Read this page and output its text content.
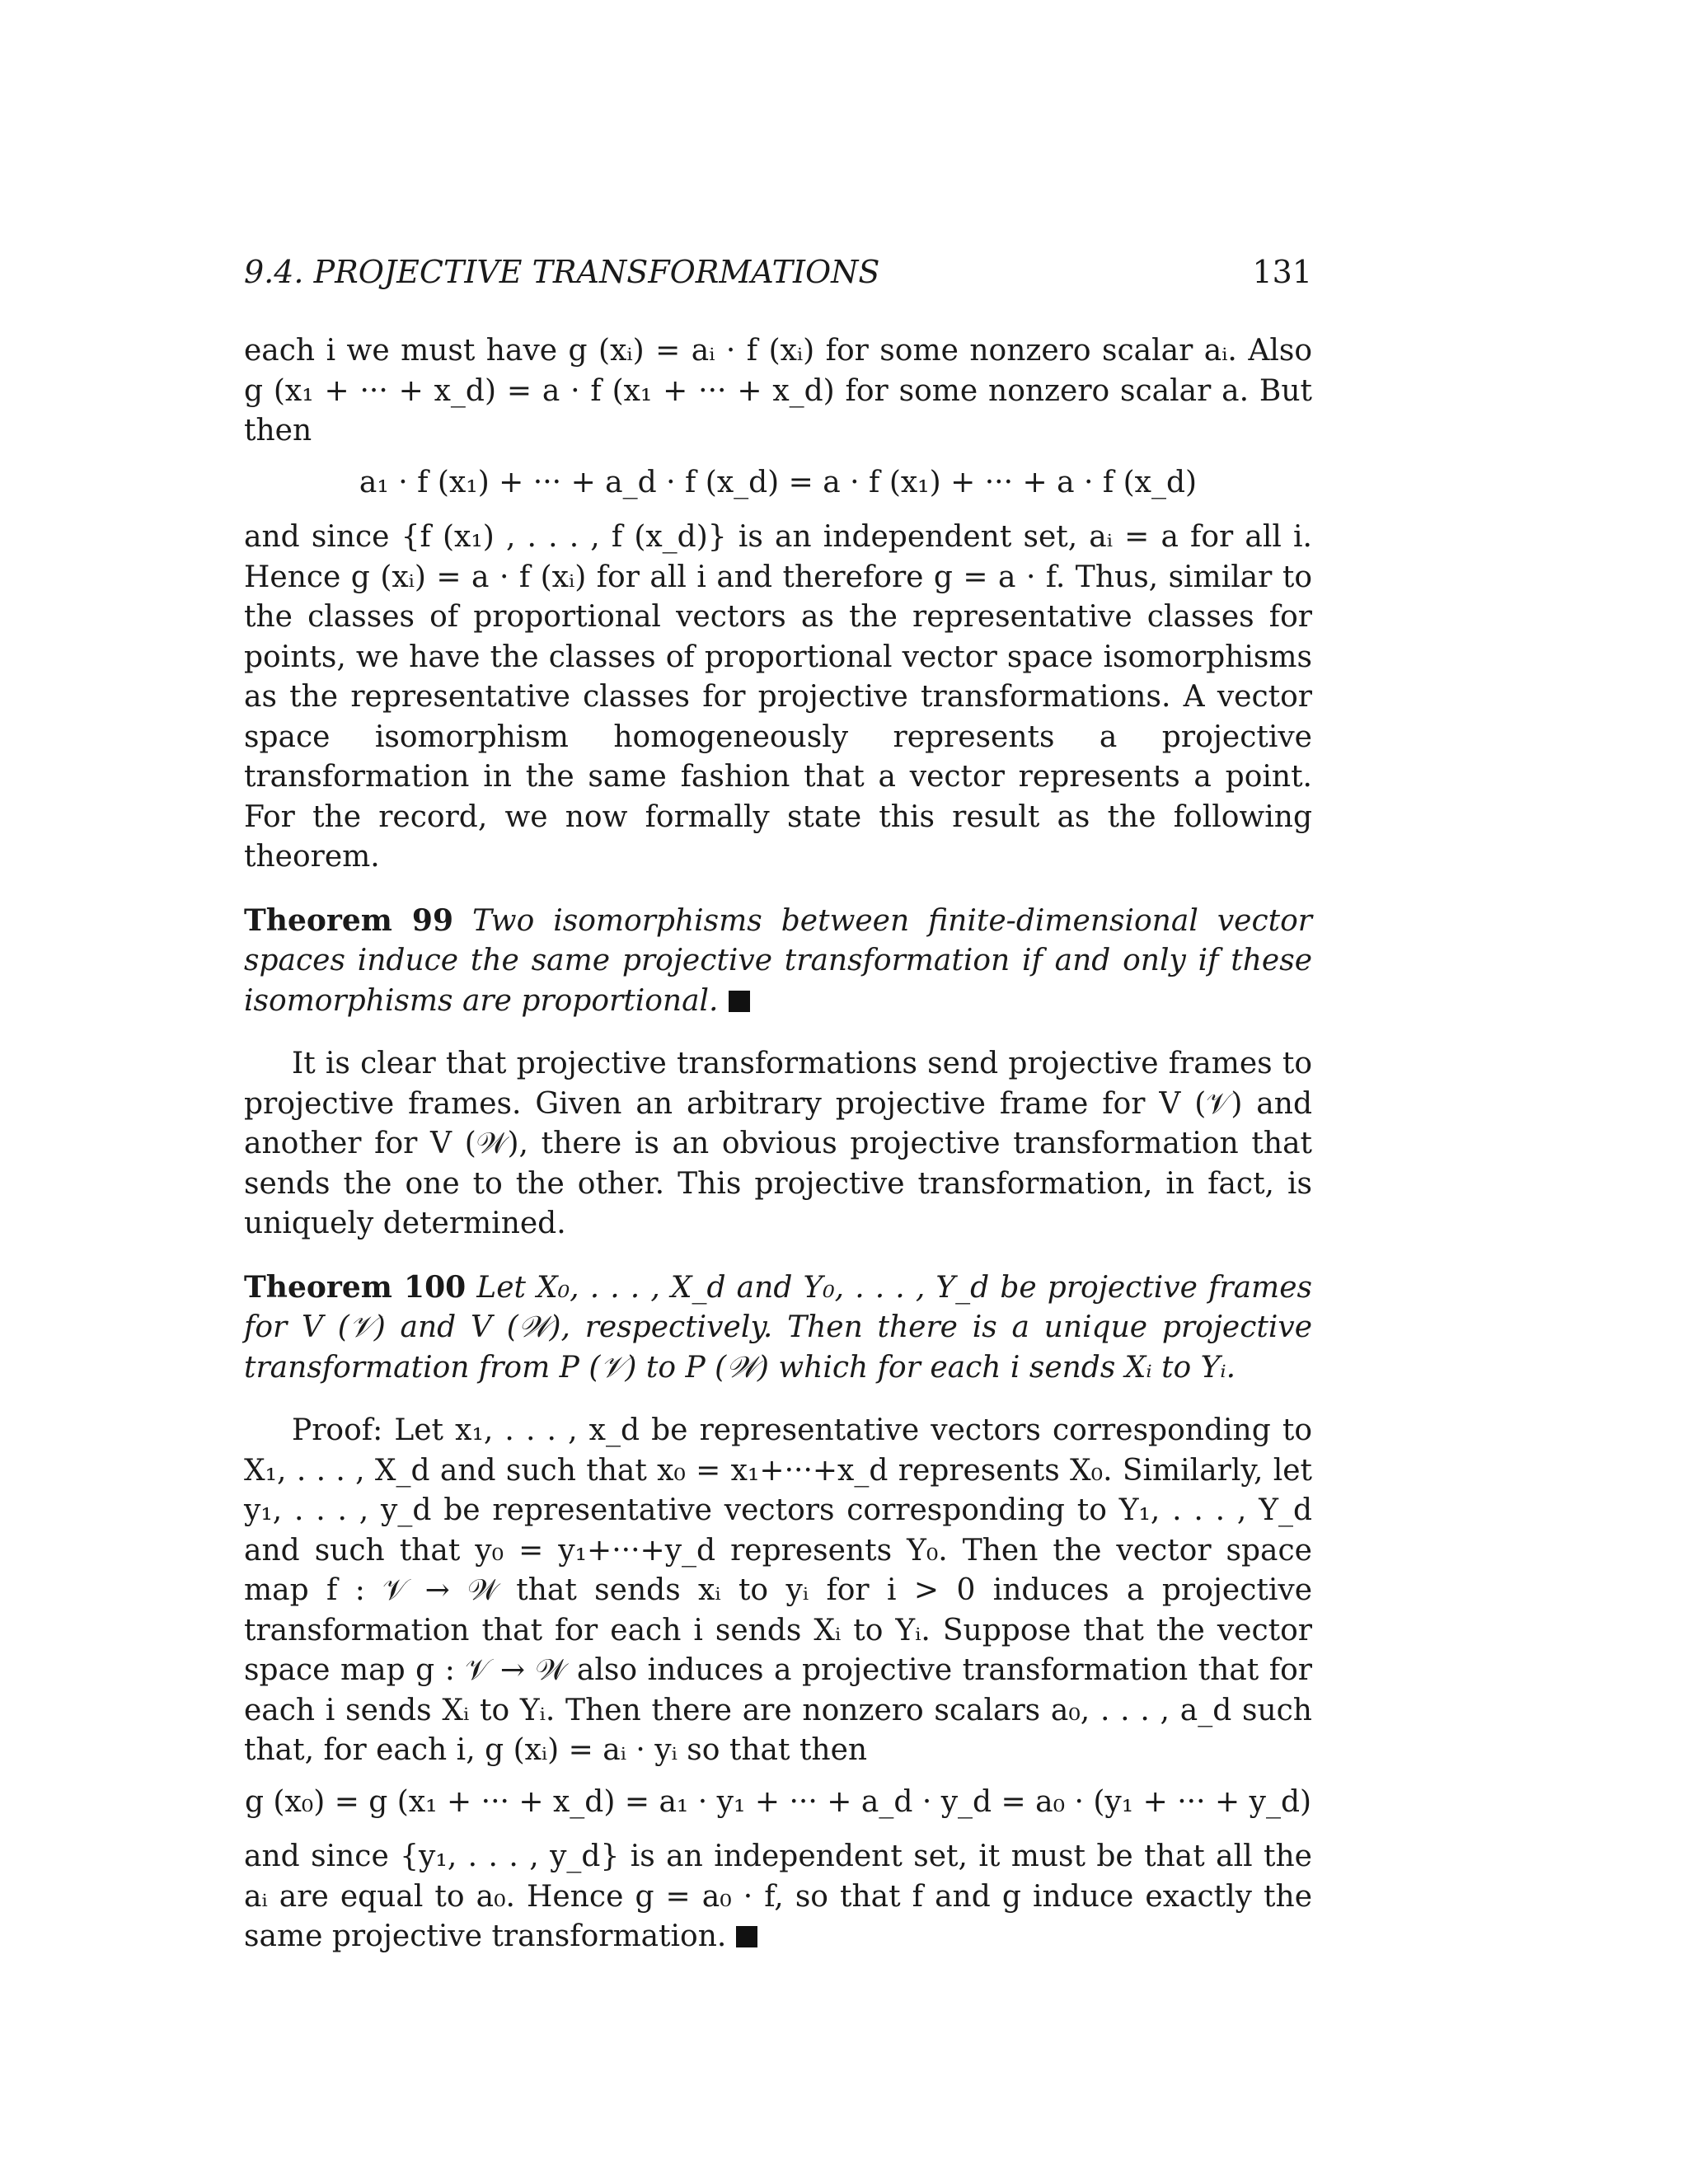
9.4. PROJECTIVE TRANSFORMATIONS	131

each i we must have g (xᵢ) = aᵢ · f (xᵢ) for some nonzero scalar aᵢ. Also g (x₁ + ··· + x_d) = a · f (x₁ + ··· + x_d) for some nonzero scalar a. But then

a₁ · f (x₁) + ··· + a_d · f (x_d) = a · f (x₁) + ··· + a · f (x_d)

and since {f (x₁) , . . . , f (x_d)} is an independent set, aᵢ = a for all i. Hence g (xᵢ) = a · f (xᵢ) for all i and therefore g = a · f. Thus, similar to the classes of proportional vectors as the representative classes for points, we have the classes of proportional vector space isomorphisms as the representative classes for projective transformations. A vector space isomorphism homogeneously represents a projective transformation in the same fashion that a vector represents a point. For the record, we now formally state this result as the following theorem.

Theorem 99 Two isomorphisms between finite-dimensional vector spaces induce the same projective transformation if and only if these isomorphisms are proportional.

It is clear that projective transformations send projective frames to projective frames. Given an arbitrary projective frame for V (𝒱) and another for V (𝒲), there is an obvious projective transformation that sends the one to the other. This projective transformation, in fact, is uniquely determined.

Theorem 100 Let X₀, . . . , X_d and Y₀, . . . , Y_d be projective frames for V (𝒱) and V (𝒲), respectively. Then there is a unique projective transformation from P (𝒱) to P (𝒲) which for each i sends Xᵢ to Yᵢ.

Proof: Let x₁, . . . , x_d be representative vectors corresponding to X₁, . . . , X_d and such that x₀ = x₁+···+x_d represents X₀. Similarly, let y₁, . . . , y_d be representative vectors corresponding to Y₁, . . . , Y_d and such that y₀ = y₁+···+y_d represents Y₀. Then the vector space map f : 𝒱 → 𝒲 that sends xᵢ to yᵢ for i > 0 induces a projective transformation that for each i sends Xᵢ to Yᵢ. Suppose that the vector space map g : 𝒱 → 𝒲 also induces a projective transformation that for each i sends Xᵢ to Yᵢ. Then there are nonzero scalars a₀, . . . , a_d such that, for each i, g (xᵢ) = aᵢ · yᵢ so that then

g (x₀) = g (x₁ + ··· + x_d) = a₁ · y₁ + ··· + a_d · y_d = a₀ · (y₁ + ··· + y_d)

and since {y₁, . . . , y_d} is an independent set, it must be that all the aᵢ are equal to a₀. Hence g = a₀ · f, so that f and g induce exactly the same projective transformation.
